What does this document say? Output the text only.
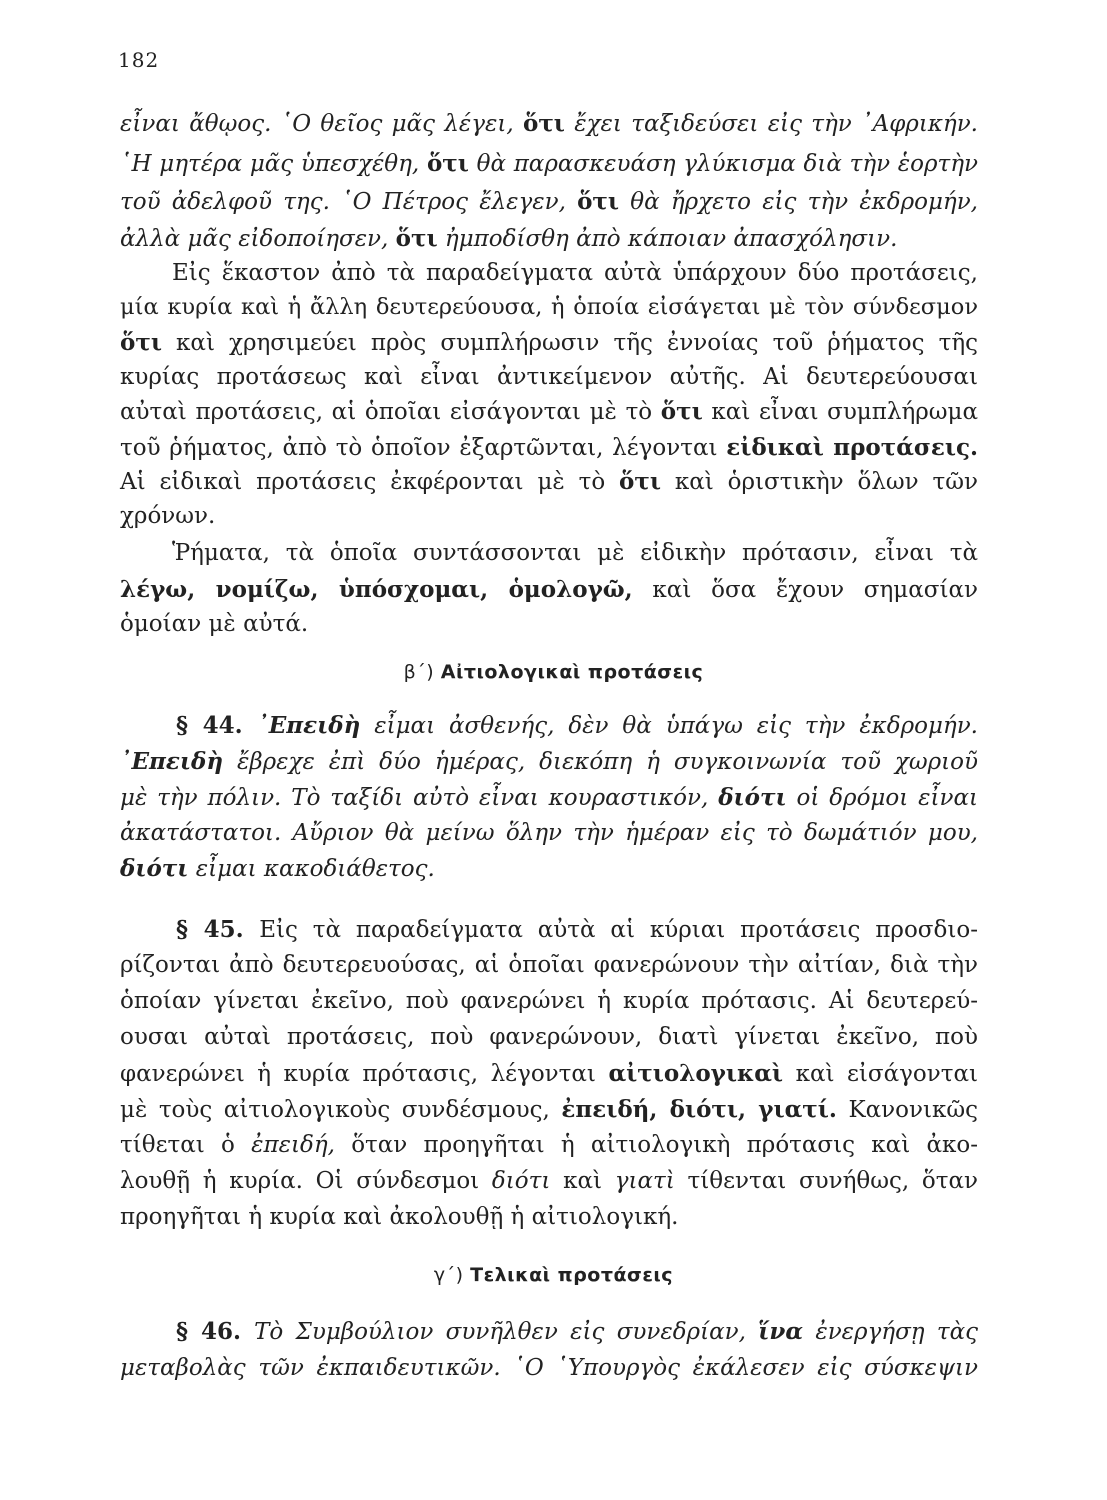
182
εἶναι ἄθῳος. ῾Ο θεῖος μᾶς λέγει, ὅτι ἔχει ταξιδεύσει εἰς τὴν ᾿Αφρικήν.
῾Η μητέρα μᾶς ὑπεσχέθη, ὅτι θὰ παρασκευάση γλύκισμα διὰ τὴν ἑορτὴν
τοῦ ἀδελφοῦ της. ῾Ο Πέτρος ἔλεγεν, ὅτι θὰ ἤρχετο εἰς τὴν ἐκδρομήν,
ἀλλὰ μᾶς εἰδοποίησεν, ὅτι ἠμποδίσθη ἀπὸ κάποιαν ἀπασχόλησιν.
Εἰς ἕκαστον ἀπὸ τὰ παραδείγματα αὐτὰ ὑπάρχουν δύο προτάσεις,
μία κυρία καὶ ἡ ἄλλη δευτερεύουσα, ἡ ὁποία εἰσάγεται μὲ τὸν σύνδεσμον
ὅτι καὶ χρησιμεύει πρὸς συμπλήρωσιν τῆς ἐννοίας τοῦ ῥήματος τῆς
κυρίας προτάσεως καὶ εἶναι ἀντικείμενον αὐτῆς. Αἱ δευτερεύουσαι
αὐταὶ προτάσεις, αἱ ὁποῖαι εἰσάγονται μὲ τὸ ὅτι καὶ εἶναι συμπλήρωμα
τοῦ ῥήματος, ἀπὸ τὸ ὁποῖον ἐξαρτῶνται, λέγονται εἰδικαὶ προτάσεις.
Αἱ εἰδικαὶ προτάσεις ἐκφέρονται μὲ τὸ ὅτι καὶ ὁριστικὴν ὅλων τῶν
χρόνων.
Ῥήματα, τὰ ὁποῖα συντάσσονται μὲ εἰδικὴν πρότασιν, εἶναι τὰ
λέγω, νομίζω, ὑπόσχομαι, ὁμολογῶ, καὶ ὅσα ἔχουν σημασίαν
ὁμοίαν μὲ αὐτά.
β΄) Αἰτιολογικαὶ προτάσεις
§ 44. ᾿Επειδὴ εἶμαι ἀσθενής, δὲν θὰ ὑπάγω εἰς τὴν ἐκδρομήν.
᾿Επειδὴ ἔβρεχε ἐπὶ δύο ἡμέρας, διεκόπη ἡ συγκοινωνία τοῦ χωριοῦ
μὲ τὴν πόλιν. Τὸ ταξίδι αὐτὸ εἶναι κουραστικόν, διότι οἱ δρόμοι εἶναι
ἀκατάστατοι. Αὔριον θὰ μείνω ὅλην τὴν ἡμέραν εἰς τὸ δωμάτιόν μου,
διότι εἶμαι κακοδιάθετος.
§ 45. Εἰς τὰ παραδείγματα αὐτὰ αἱ κύριαι προτάσεις προσδιο-
ρίζονται ἀπὸ δευτερευούσας, αἱ ὁποῖαι φανερώνουν τὴν αἰτίαν, διὰ τὴν
ὁποίαν γίνεται ἐκεῖνο, ποὺ φανερώνει ἡ κυρία πρότασις. Αἱ δευτερεύ-
ουσαι αὐταὶ προτάσεις, ποὺ φανερώνουν, διατὶ γίνεται ἐκεῖνο, ποὺ
φανερώνει ἡ κυρία πρότασις, λέγονται αἰτιολογικαὶ καὶ εἰσάγονται
μὲ τοὺς αἰτιολογικοὺς συνδέσμους, ἐπειδή, διότι, γιατί. Κανονικῶς
τίθεται ὁ ἐπειδή, ὅταν προηγῆται ἡ αἰτιολογικὴ πρότασις καὶ ἀκο-
λουθῇ ἡ κυρία. Οἱ σύνδεσμοι διότι καὶ γιατὶ τίθενται συνήθως, ὅταν
προηγῆται ἡ κυρία καὶ ἀκολουθῇ ἡ αἰτιολογική.
γ΄) Τελικαὶ προτάσεις
§ 46. Τὸ Συμβούλιον συνῆλθεν εἰς συνεδρίαν, ἵνα ἐνεργήσῃ τὰς
μεταβολὰς τῶν ἐκπαιδευτικῶν. ῾Ο ῾Υπουργὸς ἐκάλεσεν εἰς σύσκεψιν
